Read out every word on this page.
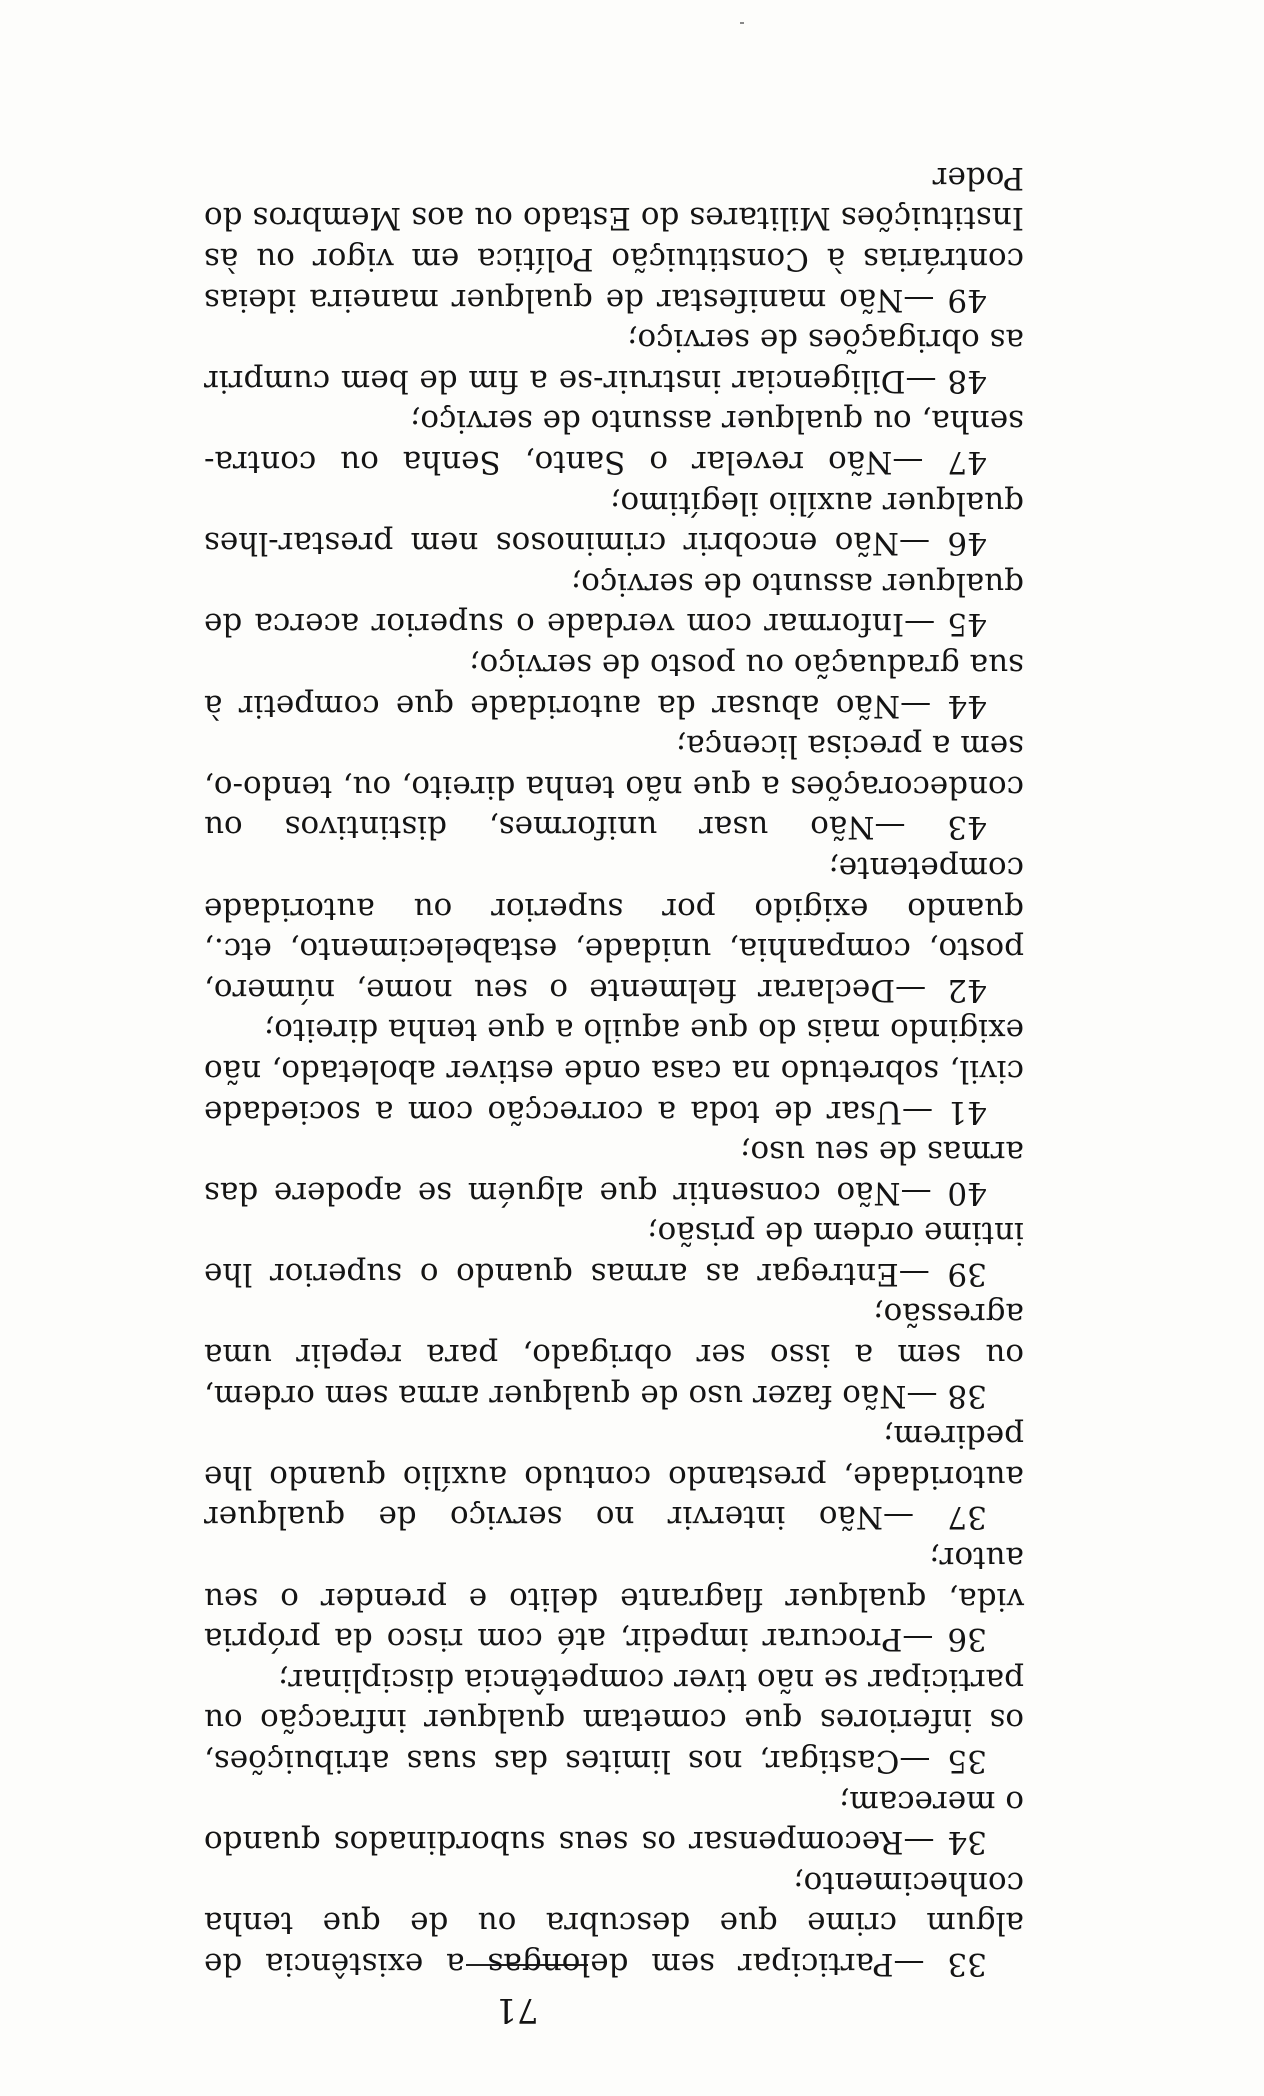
71

33 —Participar sem delongas a existência de algum crime que descubra ou de que tenha conhecimento;

34 —Recompensar os seus subordinados quando o merecam;

35 —Castigar, nos limites das suas atribuições, os inferiores que cometam qualquer infracção ou participar se não tiver competência disciplinar;

36 —Procurar impedir, até com risco da própria vida, qualquer flagrante delito e prender o seu autor;

37 —Não intervir no serviço de qualquer autoridade, prestando contudo auxílio quando lhe pedirem;

38 —Não fazer uso de qualquer arma sem ordem, ou sem a isso ser obrigado, para repelir uma agressão;

39 —Entregar as armas quando o superior lhe intime ordem de prisão;

40 —Não consentir que alguém se apodere das armas de seu uso;

41 —Usar de toda a correcção com a sociedade civil, sobretudo na casa onde estiver aboletado, não exigindo mais do que aquilo a que tenha direito;

42 —Declarar fielmente o seu nome, número, posto, companhia, unidade, estabelecimento, etc., quando exigido por superior ou autoridade competente;

43 —Não usar uniformes, distintivos ou condecorações a que não tenha direito, ou, tendo-o, sem a precisa licença;

44 —Não abusar da autoridade que competir à sua graduação ou posto de serviço;

45 —Informar com verdade o superior acerca de qualquer assunto de serviço;

46 —Não encobrir criminosos nem prestar-lhes qualquer auxílio ilegítimo;

47 —Não revelar o Santo, Senha ou contra-senha, ou qualquer assunto de serviço;

48 —Diligenciar instruir-se a fim de bem cumprir as obrigações de serviço;

49 —Não manifestar de qualquer maneira ideias contrárias à Constituição Política em vigor ou às Instituições Militares do Estado ou aos Membros do Poder
